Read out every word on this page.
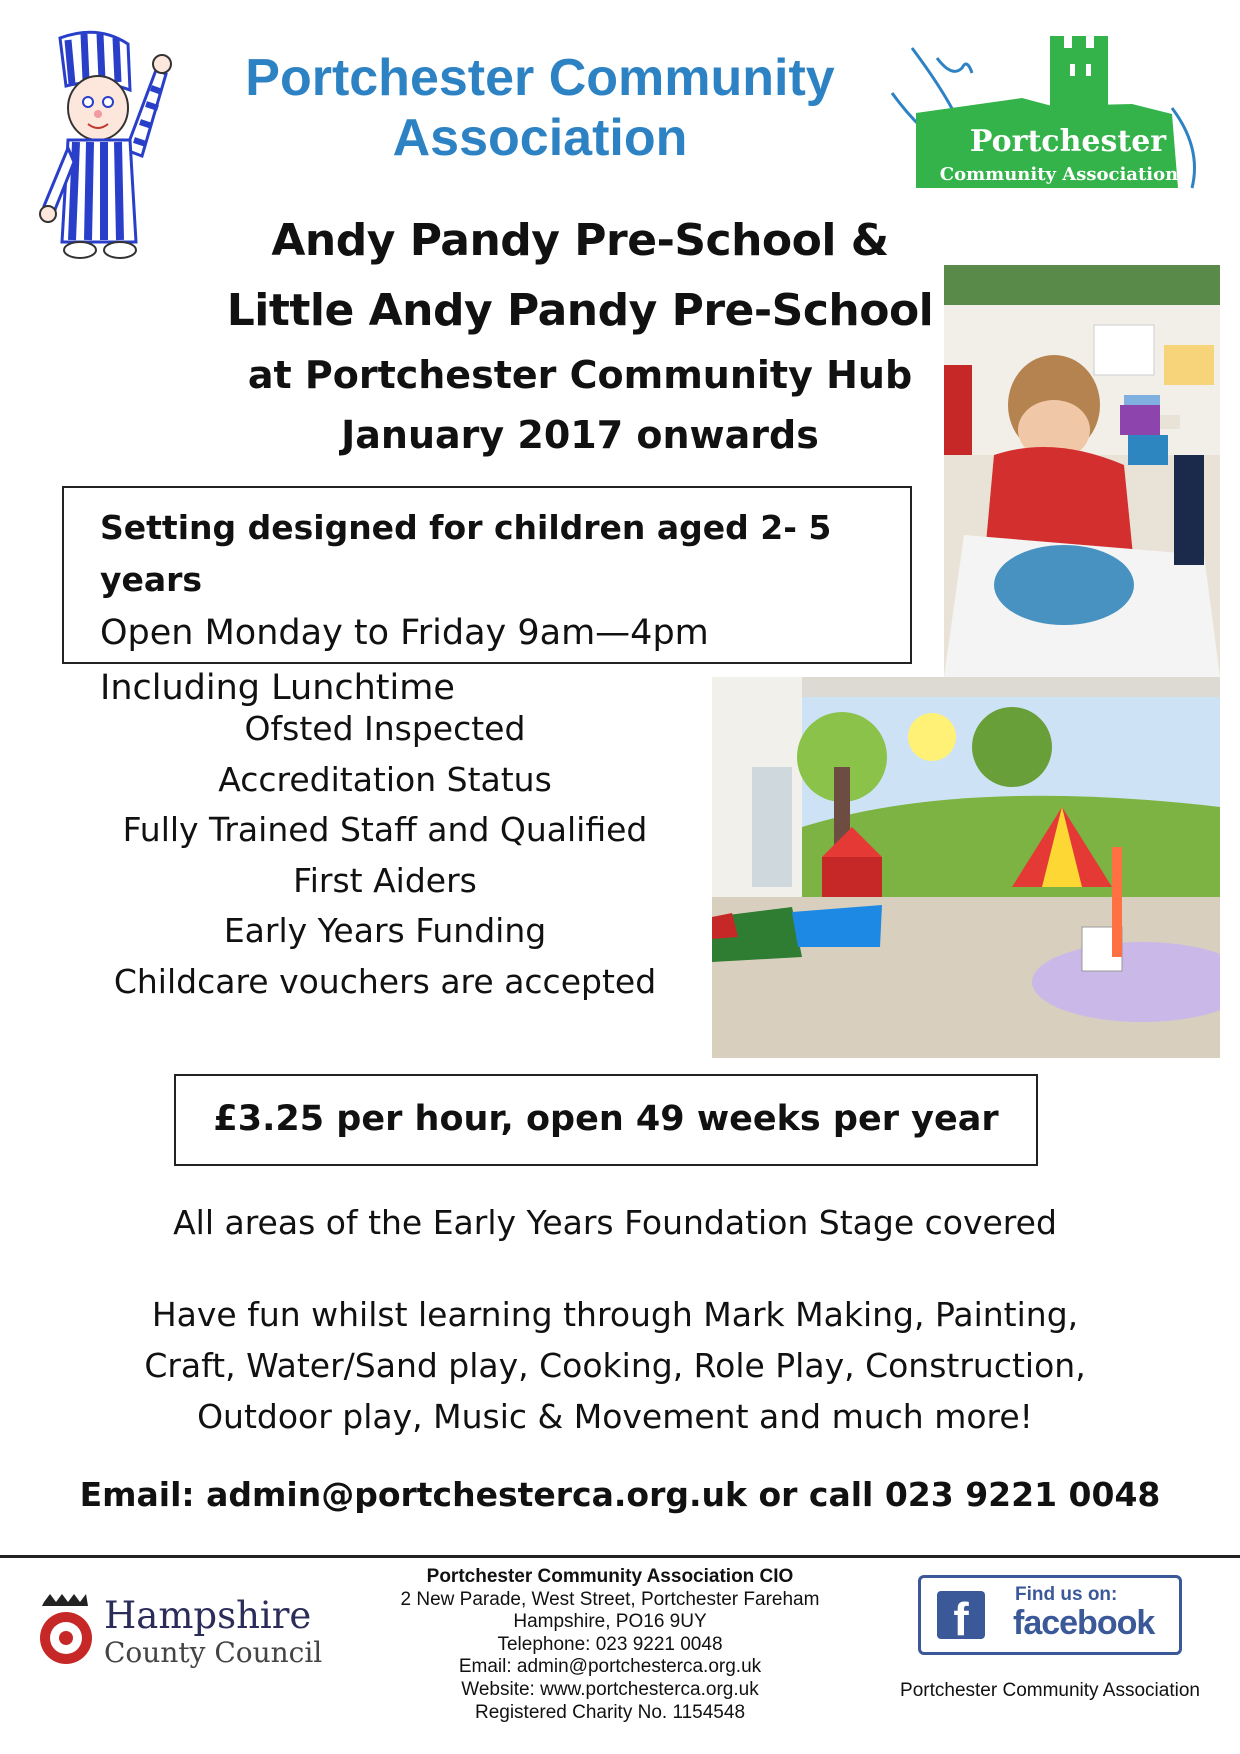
Portchester Community
Association	Portchester
Community Association
Andy Pandy Pre-School &
Little Andy Pandy Pre-School
at Portchester Community Hub
January 2017 onwards
Setting designed for children aged 2- 5 years
Open Monday to Friday 9am—4pm
Including Lunchtime
Ofsted Inspected
Accreditation Status
Fully Trained Staff and Qualified
First Aiders
Early Years Funding
Childcare vouchers are accepted
£3.25 per hour, open 49 weeks per year
All areas of the Early Years Foundation Stage covered
Have fun whilst learning through Mark Making, Painting,
Craft, Water/Sand play, Cooking, Role Play, Construction,
Outdoor play, Music & Movement and much more!
Email: admin@portchesterca.org.uk or call 023 9221 0048
Hampshire
County Council
Portchester Community Association CIO
2 New Parade, West Street, Portchester Fareham
Hampshire, PO16 9UY
Telephone: 023 9221 0048
Email: admin@portchesterca.org.uk
Website: www.portchesterca.org.uk
Registered Charity No. 1154548
f	Find us on:
facebook
Portchester Community Association
